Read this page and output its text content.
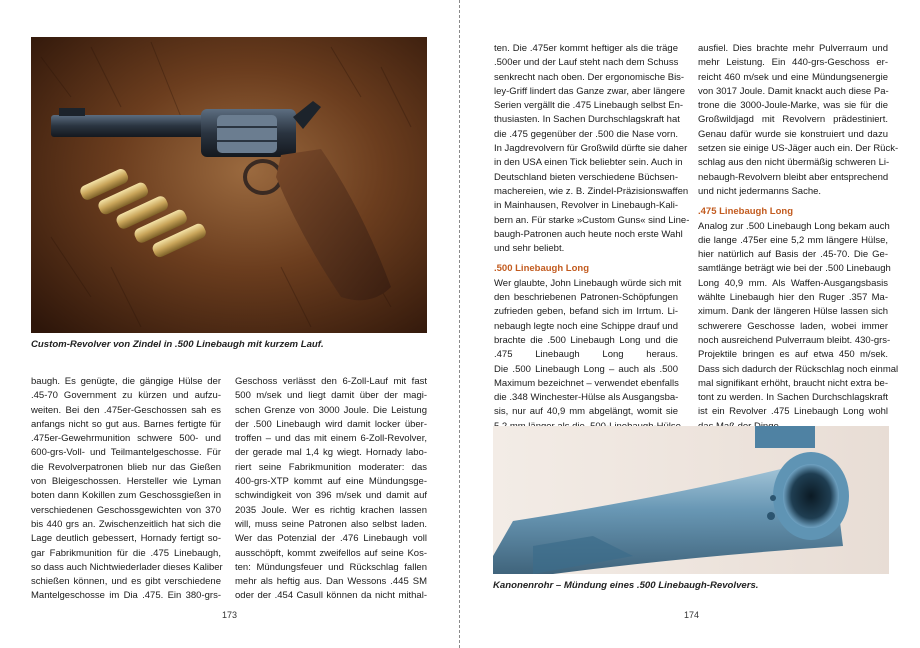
Custom-Revolver von Zindel in .500 Linebaugh mit kurzem Lauf.
baugh. Es genügte, die gängige Hülse der
.45-70 Government zu kürzen und aufzu-
weiten. Bei den .475er-Geschossen sah es
anfangs nicht so gut aus. Barnes fertigte für
.475er-Gewehrmunition schwere 500- und
600-grs-Voll- und Teilmantelgeschosse. Für
die Revolverpatronen blieb nur das Gießen
von Bleigeschossen. Hersteller wie Lyman
boten dann Kokillen zum Geschossgießen in
verschiedenen Geschossgewichten von 370
bis 440 grs an. Zwischenzeitlich hat sich die
Lage deutlich gebessert, Hornady fertigt so-
gar Fabrikmunition für die .475 Linebaugh,
so dass auch Nichtwiederlader dieses Kaliber
schießen können, und es gibt verschiedene
Mantelgeschosse im Dia .475. Ein 380-grs-
Geschoss verlässt den 6-Zoll-Lauf mit fast
500 m/sek und liegt damit über der magi-
schen Grenze von 3000 Joule. Die Leistung
der .500 Linebaugh wird damit locker über-
troffen – und das mit einem 6-Zoll-Revolver,
der gerade mal 1,4 kg wiegt. Hornady labo-
riert seine Fabrikmunition moderater: das
400-grs-XTP kommt auf eine Mündungsge-
schwindigkeit von 396 m/sek und damit auf
2035 Joule. Wer es richtig krachen lassen
will, muss seine Patronen also selbst laden.
Wer das Potenzial der .476 Linebaugh voll
ausschöpft, kommt zweifellos auf seine Kos-
ten: Mündungsfeuer und Rückschlag fallen
mehr als heftig aus. Dan Wessons .445 SM
oder der .454 Casull können da nicht mithal-
173
ten. Die .475er kommt heftiger als die träge
.500er und der Lauf steht nach dem Schuss
senkrecht nach oben. Der ergonomische Bis-
ley-Griff lindert das Ganze zwar, aber längere
Serien vergällt die .475 Linebaugh selbst En-
thusiasten. In Sachen Durchschlagskraft hat
die .475 gegenüber der .500 die Nase vorn.
In Jagdrevolvern für Großwild dürfte sie daher
in den USA einen Tick beliebter sein. Auch in
Deutschland bieten verschiedene Büchsen-
machereien, wie z. B. Zindel-Präzisionswaffen
in Mainhausen, Revolver in Linebaugh-Kali-
bern an. Für starke »Custom Guns« sind Line-
baugh-Patronen auch heute noch erste Wahl
und sehr beliebt.
.500 Linebaugh Long
Wer glaubte, John Linebaugh würde sich mit
den beschriebenen Patronen-Schöpfungen
zufrieden geben, befand sich im Irrtum. Li-
nebaugh legte noch eine Schippe drauf und
brachte die .500 Linebaugh Long und die
.475 Linebaugh Long heraus.
Die .500 Linebaugh Long – auch als .500
Maximum bezeichnet – verwendet ebenfalls
die .348 Winchester-Hülse als Ausgangsba-
sis, nur auf 40,9 mm abgelängt, womit sie
ausfiel. Dies brachte mehr Pulverraum und
mehr Leistung. Ein 440-grs-Geschoss er-
reicht 460 m/sek und eine Mündungsenergie
von 3017 Joule. Damit knackt auch diese Pa-
trone die 3000-Joule-Marke, was sie für die
Großwildjagd mit Revolvern prädestiniert.
Genau dafür wurde sie konstruiert und dazu
setzen sie einige US-Jäger auch ein. Der Rück-
schlag aus den nicht übermäßig schweren Li-
nebaugh-Revolvern bleibt aber entsprechend
und nicht jedermanns Sache.
.475 Linebaugh Long
Analog zur .500 Linebaugh Long bekam auch
die lange .475er eine 5,2 mm längere Hülse,
hier natürlich auf Basis der .45-70. Die Ge-
samtlänge beträgt wie bei der .500 Linebaugh
Long 40,9 mm. Als Waffen-Ausgangsbasis
wählte Linebaugh hier den Ruger .357 Ma-
ximum. Dank der längeren Hülse lassen sich
schwerere Geschosse laden, wobei immer
noch ausreichend Pulverraum bleibt. 430-grs-
Projektile bringen es auf etwa 450 m/sek.
Dass sich dadurch der Rückschlag noch einmal
mal signifikant erhöht, braucht nicht extra be-
tont zu werden. In Sachen Durchschlagskraft
ist ein Revolver .475 Linebaugh Long wohl
Kanonenrohr – Mündung eines .500 Linebaugh-Revolvers.
174
